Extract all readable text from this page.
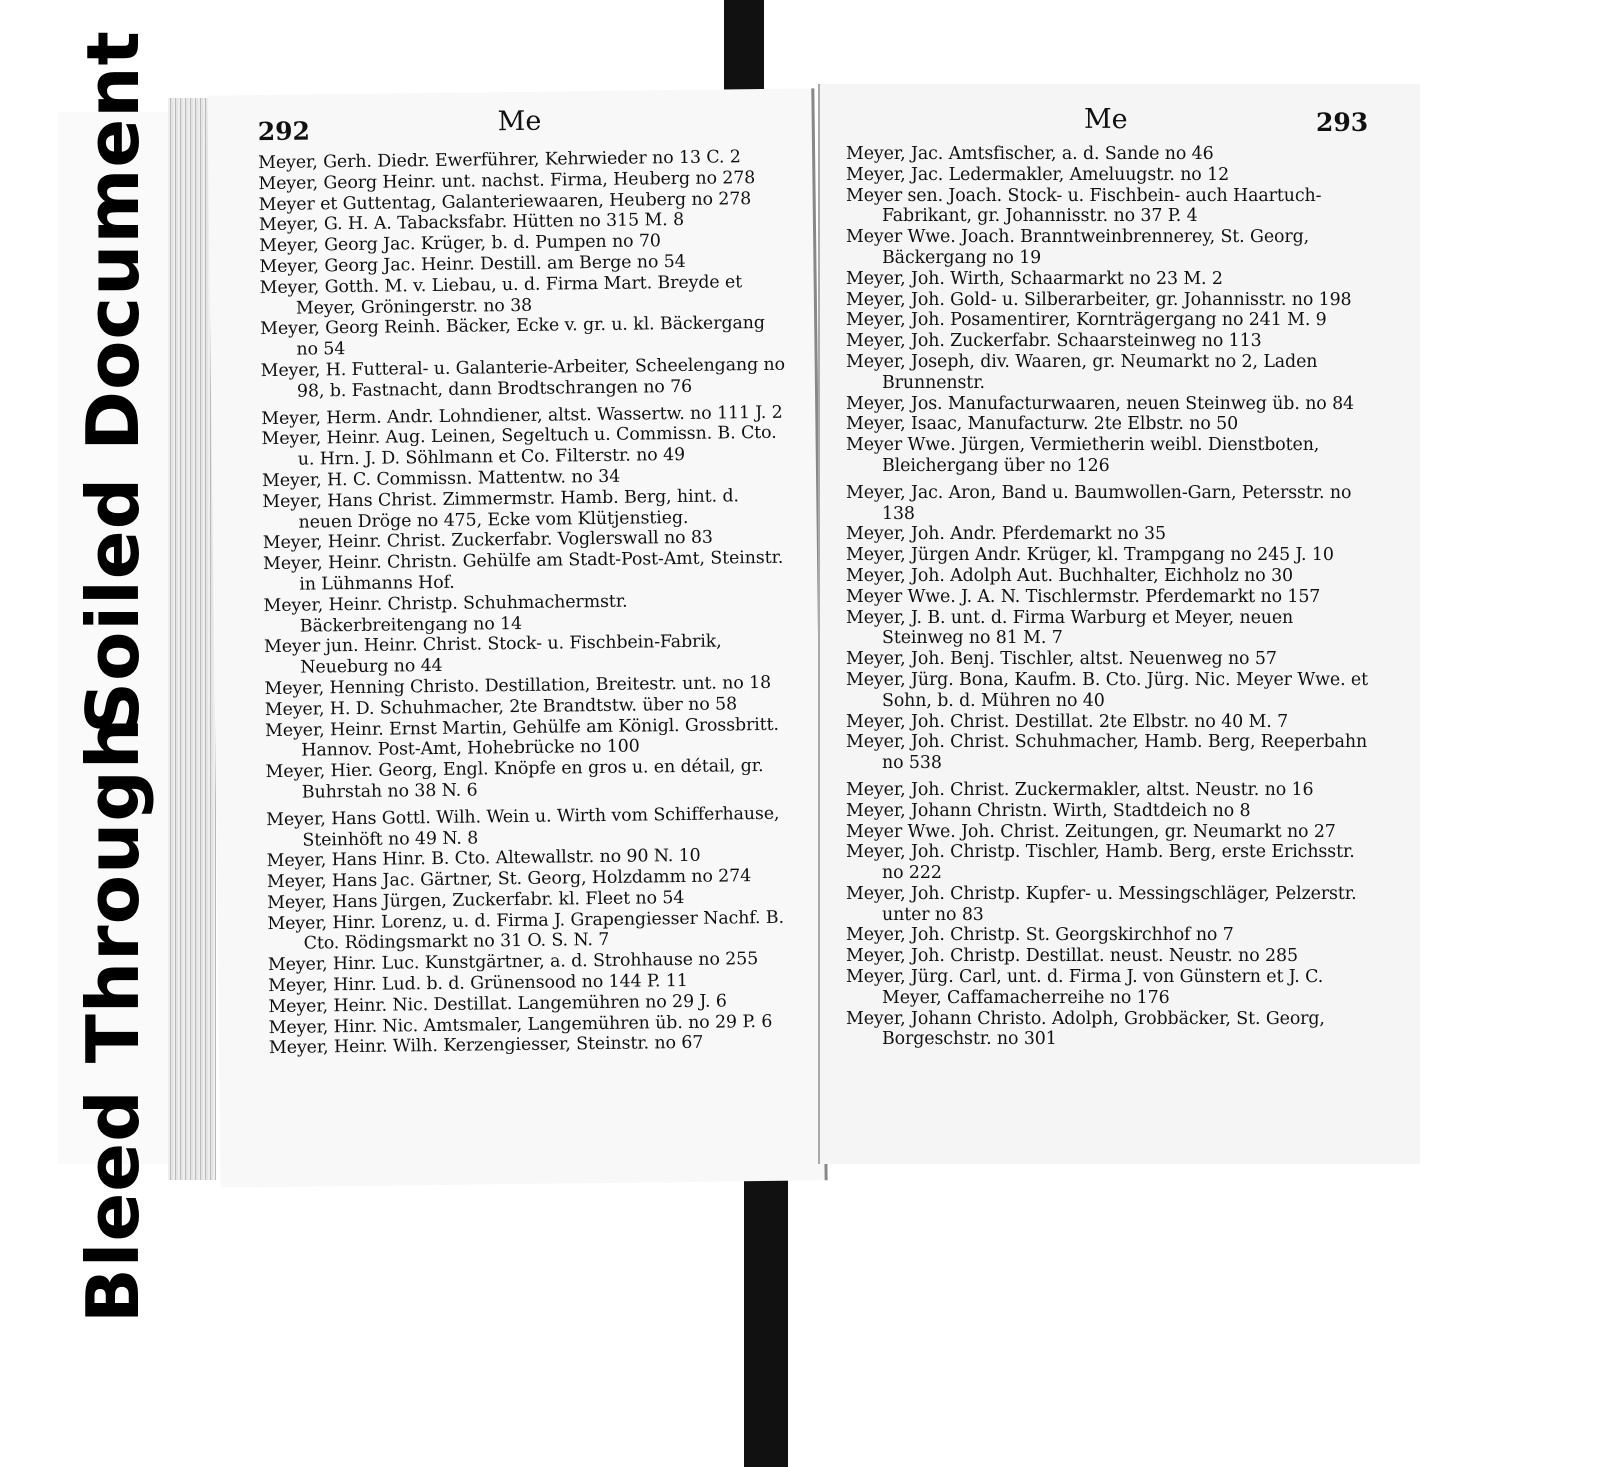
Soiled Document
Bleed Through
292	Me
Meyer, Gerh. Diedr. Ewerführer, Kehrwieder no 13 C. 2
Meyer, Georg Heinr. unt. nachst. Firma, Heuberg no 278
Meyer et Guttentag, Galanteriewaaren, Heuberg no 278
Meyer, G. H. A. Tabacksfabr. Hütten no 315 M. 8
Meyer, Georg Jac. Krüger, b. d. Pumpen no 70
Meyer, Georg Jac. Heinr. Destill. am Berge no 54
Meyer, Gotth. M. v. Liebau, u. d. Firma Mart. Breyde et Meyer, Gröningerstr. no 38
Meyer, Georg Reinh. Bäcker, Ecke v. gr. u. kl. Bäckergang no 54
Meyer, H. Futteral- u. Galanterie-Arbeiter, Scheelengang no 98, b. Fastnacht, dann Brodtschrangen no 76
Meyer, Herm. Andr. Lohndiener, altst. Wassertw. no 111 J. 2
Meyer, Heinr. Aug. Leinen, Segeltuch u. Commissn. B. Cto. u. Hrn. J. D. Söhlmann et Co. Filterstr. no 49
Meyer, H. C. Commissn. Mattentw. no 34
Meyer, Hans Christ. Zimmermstr. Hamb. Berg, hint. d. neuen Dröge no 475, Ecke vom Klütjenstieg.
Meyer, Heinr. Christ. Zuckerfabr. Voglerswall no 83
Meyer, Heinr. Christn. Gehülfe am Stadt-Post-Amt, Steinstr. in Lühmanns Hof.
Meyer, Heinr. Christp. Schuhmachermstr. Bäckerbreitengang no 14
Meyer jun. Heinr. Christ. Stock- u. Fischbein-Fabrik, Neueburg no 44
Meyer, Henning Christo. Destillation, Breitestr. unt. no 18
Meyer, H. D. Schuhmacher, 2te Brandtstw. über no 58
Meyer, Heinr. Ernst Martin, Gehülfe am Königl. Grossbritt. Hannov. Post-Amt, Hohebrücke no 100
Meyer, Hier. Georg, Engl. Knöpfe en gros u. en détail, gr. Buhrstah no 38 N. 6
Meyer, Hans Gottl. Wilh. Wein u. Wirth vom Schifferhause, Steinhöft no 49 N. 8
Meyer, Hans Hinr. B. Cto. Altewallstr. no 90 N. 10
Meyer, Hans Jac. Gärtner, St. Georg, Holzdamm no 274
Meyer, Hans Jürgen, Zuckerfabr. kl. Fleet no 54
Meyer, Hinr. Lorenz, u. d. Firma J. Grapengiesser Nachf. B. Cto. Rödingsmarkt no 31 O. S. N. 7
Meyer, Hinr. Luc. Kunstgärtner, a. d. Strohhause no 255
Meyer, Hinr. Lud. b. d. Grünensood no 144 P. 11
Meyer, Heinr. Nic. Destillat. Langemühren no 29 J. 6
Meyer, Hinr. Nic. Amtsmaler, Langemühren üb. no 29 P. 6
Meyer, Heinr. Wilh. Kerzengiesser, Steinstr. no 67
Me	293
Meyer, Jac. Amtsfischer, a. d. Sande no 46
Meyer, Jac. Ledermakler, Ameluugstr. no 12
Meyer sen. Joach. Stock- u. Fischbein- auch Haartuch-Fabrikant, gr. Johannisstr. no 37 P. 4
Meyer Wwe. Joach. Branntweinbrennerey, St. Georg, Bäckergang no 19
Meyer, Joh. Wirth, Schaarmarkt no 23 M. 2
Meyer, Joh. Gold- u. Silberarbeiter, gr. Johannisstr. no 198
Meyer, Joh. Posamentirer, Kornträgergang no 241 M. 9
Meyer, Joh. Zuckerfabr. Schaarsteinweg no 113
Meyer, Joseph, div. Waaren, gr. Neumarkt no 2, Laden Brunnenstr.
Meyer, Jos. Manufacturwaaren, neuen Steinweg üb. no 84
Meyer, Isaac, Manufacturw. 2te Elbstr. no 50
Meyer Wwe. Jürgen, Vermietherin weibl. Dienstboten, Bleichergang über no 126
Meyer, Jac. Aron, Band u. Baumwollen-Garn, Petersstr. no 138
Meyer, Joh. Andr. Pferdemarkt no 35
Meyer, Jürgen Andr. Krüger, kl. Trampgang no 245 J. 10
Meyer, Joh. Adolph Aut. Buchhalter, Eichholz no 30
Meyer Wwe. J. A. N. Tischlermstr. Pferdemarkt no 157
Meyer, J. B. unt. d. Firma Warburg et Meyer, neuen Steinweg no 81 M. 7
Meyer, Joh. Benj. Tischler, altst. Neuenweg no 57
Meyer, Jürg. Bona, Kaufm. B. Cto. Jürg. Nic. Meyer Wwe. et Sohn, b. d. Mühren no 40
Meyer, Joh. Christ. Destillat. 2te Elbstr. no 40 M. 7
Meyer, Joh. Christ. Schuhmacher, Hamb. Berg, Reeperbahn no 538
Meyer, Joh. Christ. Zuckermakler, altst. Neustr. no 16
Meyer, Johann Christn. Wirth, Stadtdeich no 8
Meyer Wwe. Joh. Christ. Zeitungen, gr. Neumarkt no 27
Meyer, Joh. Christp. Tischler, Hamb. Berg, erste Erichsstr. no 222
Meyer, Joh. Christp. Kupfer- u. Messingschläger, Pelzerstr. unter no 83
Meyer, Joh. Christp. St. Georgskirchhof no 7
Meyer, Joh. Christp. Destillat. neust. Neustr. no 285
Meyer, Jürg. Carl, unt. d. Firma J. von Günstern et J. C. Meyer, Caffamacherreihe no 176
Meyer, Johann Christo. Adolph, Grobbäcker, St. Georg, Borgeschstr. no 301
